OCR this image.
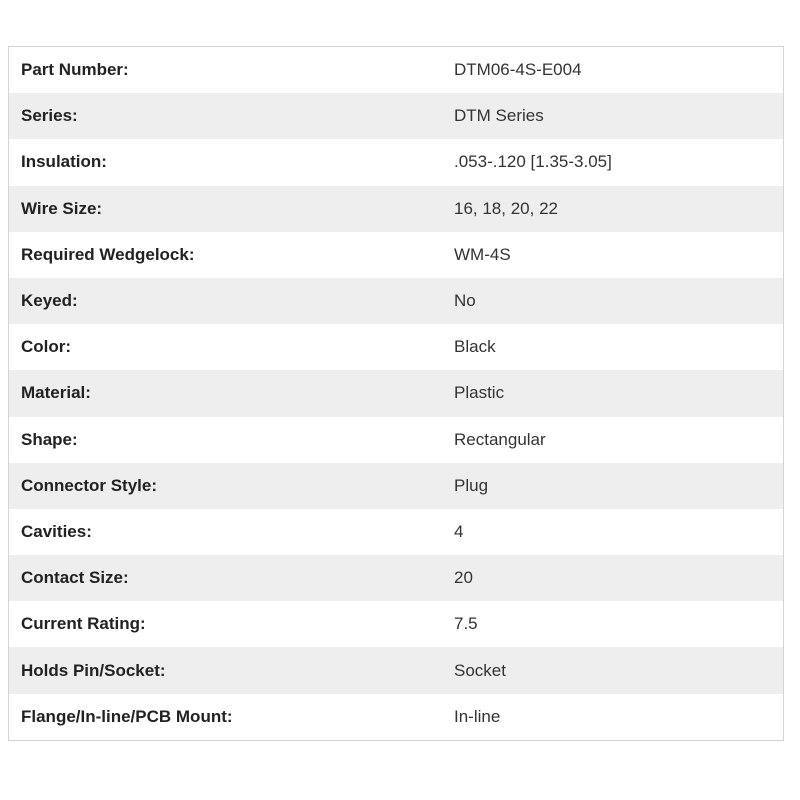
Part Number:	DTM06-4S-E004
Series:	DTM Series
Insulation:	.053-.120 [1.35-3.05]
Wire Size:	16, 18, 20, 22
Required Wedgelock:	WM-4S
Keyed:	No
Color:	Black
Material:	Plastic
Shape:	Rectangular
Connector Style:	Plug
Cavities:	4
Contact Size:	20
Current Rating:	7.5
Holds Pin/Socket:	Socket
Flange/In-line/PCB Mount:	In-line
